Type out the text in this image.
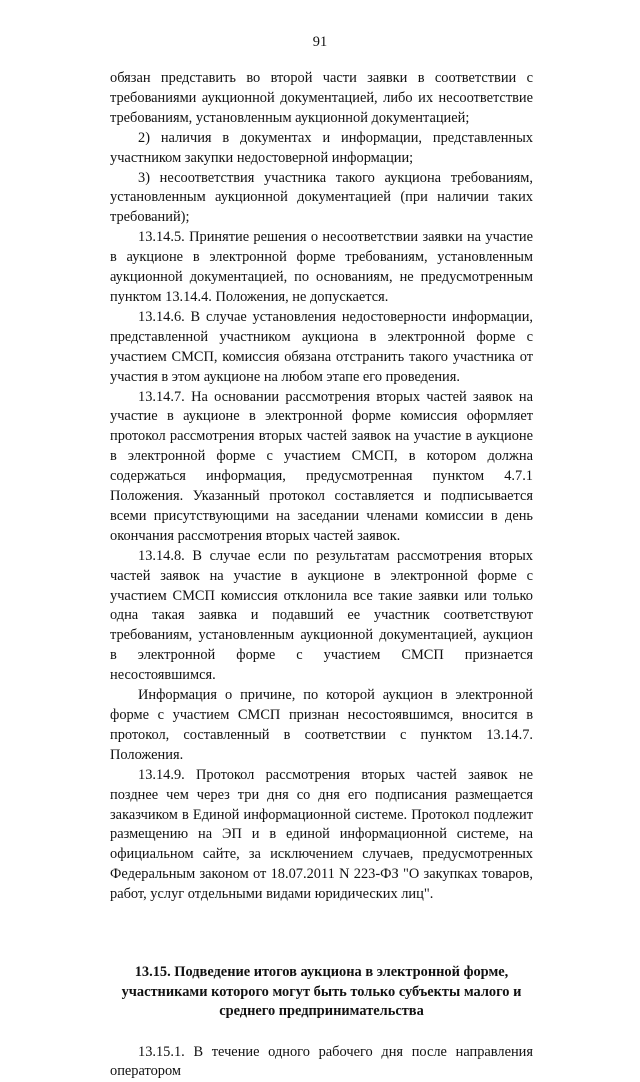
91

обязан представить во второй части заявки в соответствии с требованиями аукционной документацией, либо их несоответствие требованиям, установленным аукционной документацией;

2) наличия в документах и информации, представленных участником закупки недостоверной информации;

3) несоответствия участника такого аукциона требованиям, установленным аукционной документацией (при наличии таких требований);

13.14.5. Принятие решения о несоответствии заявки на участие в аукционе в электронной форме требованиям, установленным аукционной документацией, по основаниям, не предусмотренным пунктом 13.14.4. Положения, не допускается.

13.14.6. В случае установления недостоверности информации, представленной участником аукциона в электронной форме с участием СМСП, комиссия обязана отстранить такого участника от участия в этом аукционе на любом этапе его проведения.

13.14.7. На основании рассмотрения вторых частей заявок на участие в аукционе в электронной форме комиссия оформляет протокол рассмотрения вторых частей заявок на участие в аукционе в электронной форме с участием СМСП, в котором должна содержаться информация, предусмотренная пунктом 4.7.1 Положения. Указанный протокол составляется и подписывается всеми присутствующими на заседании членами комиссии в день окончания рассмотрения вторых частей заявок.

13.14.8. В случае если по результатам рассмотрения вторых частей заявок на участие в аукционе в электронной форме с участием СМСП комиссия отклонила все такие заявки или только одна такая заявка и подавший ее участник соответствуют требованиям, установленным аукционной документацией, аукцион в электронной форме с участием СМСП признается несостоявшимся.

Информация о причине, по которой аукцион в электронной форме с участием СМСП признан несостоявшимся, вносится в протокол, составленный в соответствии с пунктом 13.14.7. Положения.

13.14.9. Протокол рассмотрения вторых частей заявок не позднее чем через три дня со дня его подписания размещается заказчиком в Единой информационной системе. Протокол подлежит размещению на ЭП и в единой информационной системе, на официальном сайте, за исключением случаев, предусмотренных Федеральным законом от 18.07.2011 N 223-ФЗ "О закупках товаров, работ, услуг отдельными видами юридических лиц".

13.15. Подведение итогов аукциона в электронной форме, участниками которого могут быть только субъекты малого и среднего предпринимательства

13.15.1. В течение одного рабочего дня после направления оператором
